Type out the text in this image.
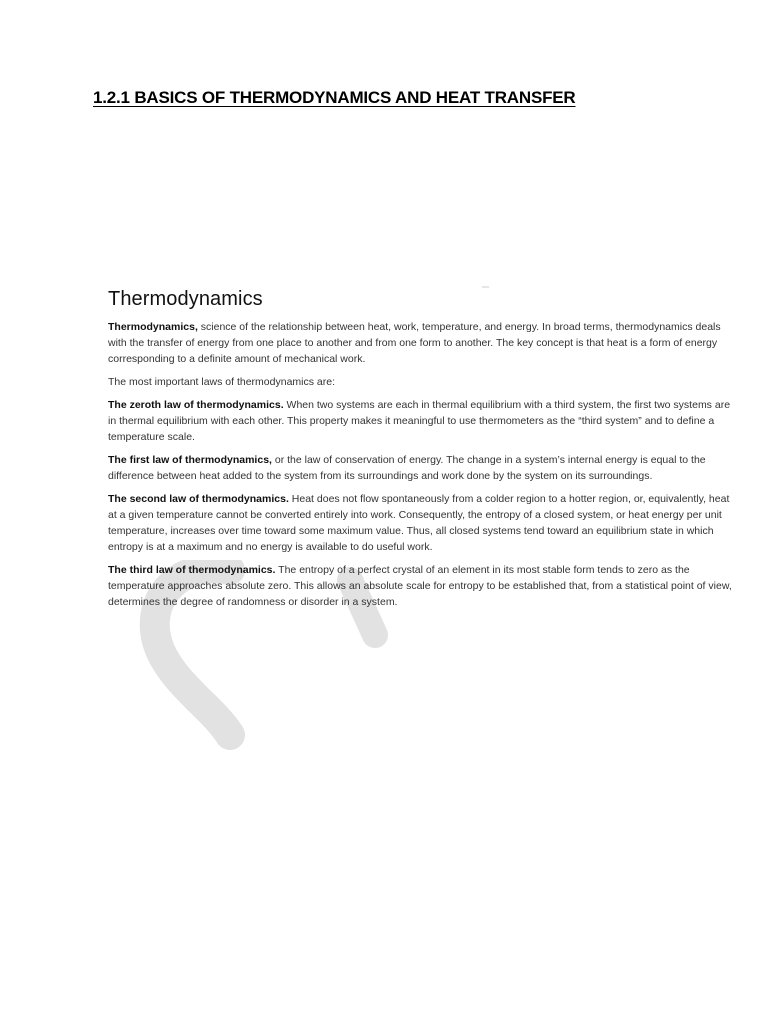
1.2.1 BASICS OF THERMODYNAMICS AND HEAT TRANSFER
Thermodynamics

Thermodynamics, science of the relationship between heat, work, temperature, and energy. In broad terms, thermodynamics deals with the transfer of energy from one place to another and from one form to another. The key concept is that heat is a form of energy corresponding to a definite amount of mechanical work.

The most important laws of thermodynamics are:

The zeroth law of thermodynamics. When two systems are each in thermal equilibrium with a third system, the first two systems are in thermal equilibrium with each other. This property makes it meaningful to use thermometers as the “third system” and to define a temperature scale.

The first law of thermodynamics, or the law of conservation of energy. The change in a system’s internal energy is equal to the difference between heat added to the system from its surroundings and work done by the system on its surroundings.

The second law of thermodynamics. Heat does not flow spontaneously from a colder region to a hotter region, or, equivalently, heat at a given temperature cannot be converted entirely into work. Consequently, the entropy of a closed system, or heat energy per unit temperature, increases over time toward some maximum value. Thus, all closed systems tend toward an equilibrium state in which entropy is at a maximum and no energy is available to do useful work.

The third law of thermodynamics. The entropy of a perfect crystal of an element in its most stable form tends to zero as the temperature approaches absolute zero. This allows an absolute scale for entropy to be established that, from a statistical point of view, determines the degree of randomness or disorder in a system.
